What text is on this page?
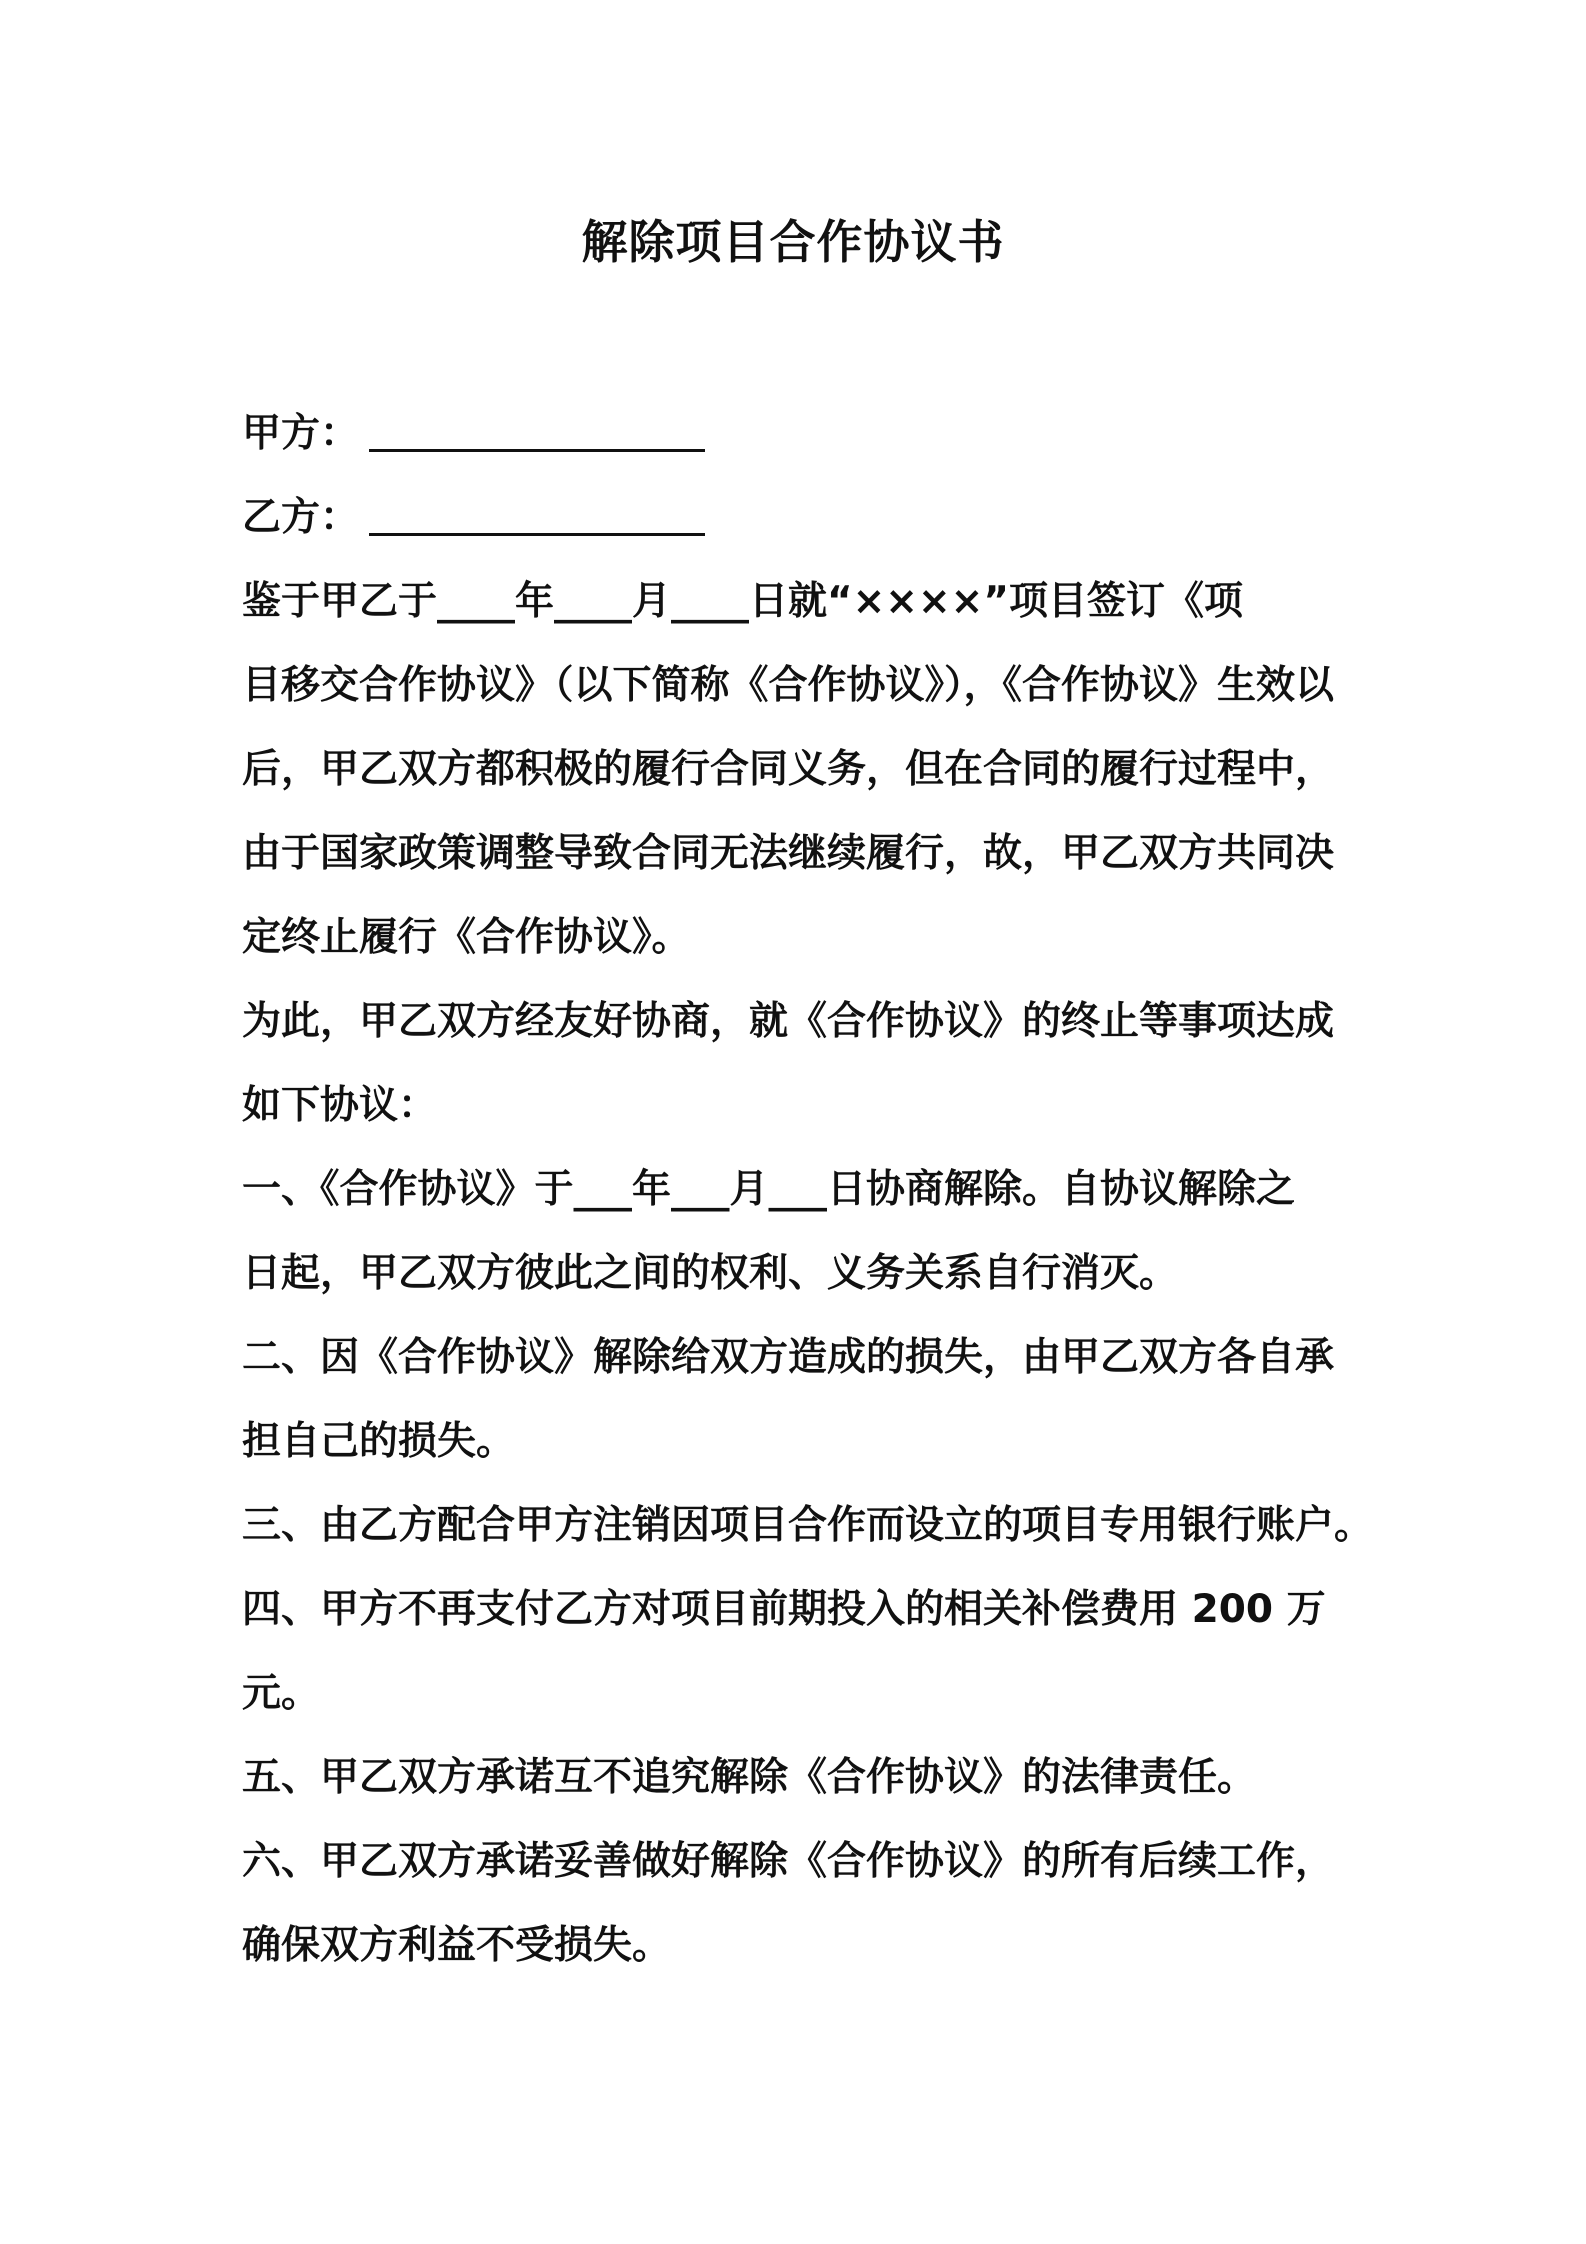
解除项目合作协议书
甲方：
乙方：
鉴于甲乙于____年____月____日就“××××”项目签订《项
目移交合作协议》（以下简称《合作协议》），《合作协议》生效以
后，甲乙双方都积极的履行合同义务，但在合同的履行过程中，
由于国家政策调整导致合同无法继续履行，故，甲乙双方共同决
定终止履行《合作协议》。
为此，甲乙双方经友好协商，就《合作协议》的终止等事项达成
如下协议：
一、《合作协议》于___年___月___日协商解除。自协议解除之
日起，甲乙双方彼此之间的权利、义务关系自行消灭。
二、因《合作协议》解除给双方造成的损失，由甲乙双方各自承
担自己的损失。
三、由乙方配合甲方注销因项目合作而设立的项目专用银行账户。
四、甲方不再支付乙方对项目前期投入的相关补偿费用 200 万
元。
五、甲乙双方承诺互不追究解除《合作协议》的法律责任。
六、甲乙双方承诺妥善做好解除《合作协议》的所有后续工作，
确保双方利益不受损失。
